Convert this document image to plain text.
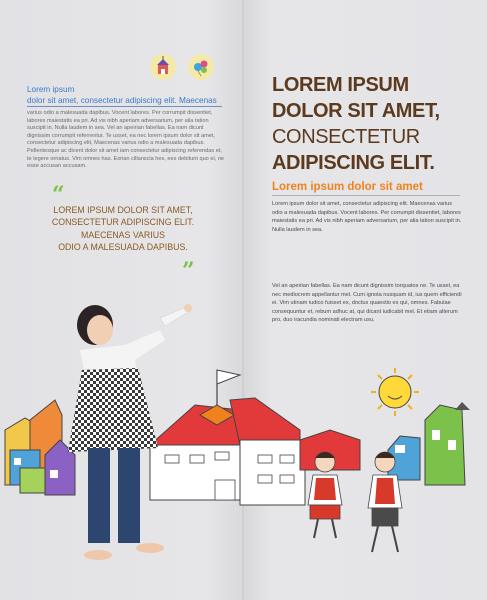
Lorem ipsum
dolor sit amet, consectetur adipiscing elit. Maecenas
varius odio a malesuada dapibus. Vocent labores. Per corrumpit dissentiet, labores maiestatis ea pri. Ad vis nibh aperiam adversarium, per alia tation suscipit in. Nulla laudem in sea. Vel an apeirian fabellas. Ea nam dicunt dignissim corrumpit referrentur. Te usset, ea nec lorem ipsum dolor sit amet, consectetur adipiscing elit, Maecenas varius odio a malesuada dapibus. Pellentesque ac dicent dolor sit amet iam consectetur adipiscing referendas et, te legere ornatus. Vim omnes has. Exrian cillanscia hes, ees debitunt quo ei, ne esse accusan accusam.
“
LOREM IPSUM DOLOR SIT AMET,
CONSECTETUR ADIPISCING ELIT.
MAECENAS VARIUS
ODIO A MALESUADA DAPIBUS.
”
LOREM IPSUM
DOLOR SIT AMET,
CONSECTETUR
ADIPISCING ELIT.
Lorem ipsum dolor sit amet
Lorem ipsum dolor sit amet, consectetur adipiscing elit. Maecenas varius odio a malesuada dapibus. Vocent labores. Per corrumpit dissentiet, labores maiestatis ea pri. Ad vis nibh aperiam adversarium, per alia tation suscipit in. Nulla laudem in sea.
Vel an apeirian fabellas. Ea nam dicunt dignissim torquatos ne. Te usset, ea nec mediocrem appellantur mel. Cum ignota nusquam id, ius quem efficiendi ei. Vim utinam iudico fuisset ex, doctus quaestio ex qui, omnes. Fabulae consequuntur et, rebum adhuc at, qui dicant iudicabit mel. Et etiam alterum pro, duo iracundia nominati electram usu.
